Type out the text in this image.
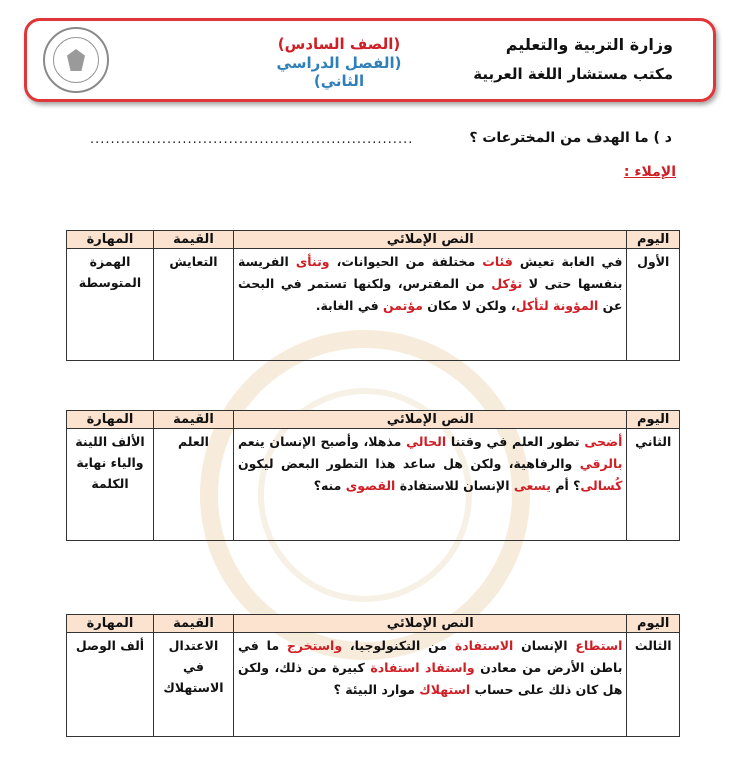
وزارة التربية والتعليم
مكتب مستشار اللغة العربية
(الصف السادس)
(الفصل الدراسي الثاني)
د ) ما الهدف من المخترعات ؟
...............................................................
الإملاء :
اليوم	النص الإملائي	القيمة	المهارة
الأول	في الغابة تعيش فئات مختلفة من الحيوانات، وتنأى الفريسة بنفسها حتى لا تؤكل من المفترس، ولكنها تستمر في البحث عن المؤونة لتأكل، ولكن لا مكان مؤتمن في الغابة.	التعايش	الهمزة المتوسطة
اليوم	النص الإملائي	القيمة	المهارة
الثاني	أضحى تطور العلم في وقتنا الحالي مذهلا، وأصبح الإنسان ينعم بالرقي والرفاهية، ولكن هل ساعد هذا التطور البعض ليكون كُسالى؟ أم يسعى الإنسان للاستفادة القصوى منه؟	العلم	الألف اللينة والياء نهاية الكلمة
اليوم	النص الإملائي	القيمة	المهارة
الثالث	استطاع الإنسان الاستفادة من التكنولوجيا، واستخرج ما في باطن الأرض من معادن واستفاد استفادة كبيرة من ذلك، ولكن هل كان ذلك على حساب استهلاك موارد البيئة ؟	الاعتدال في الاستهلاك	ألف الوصل
